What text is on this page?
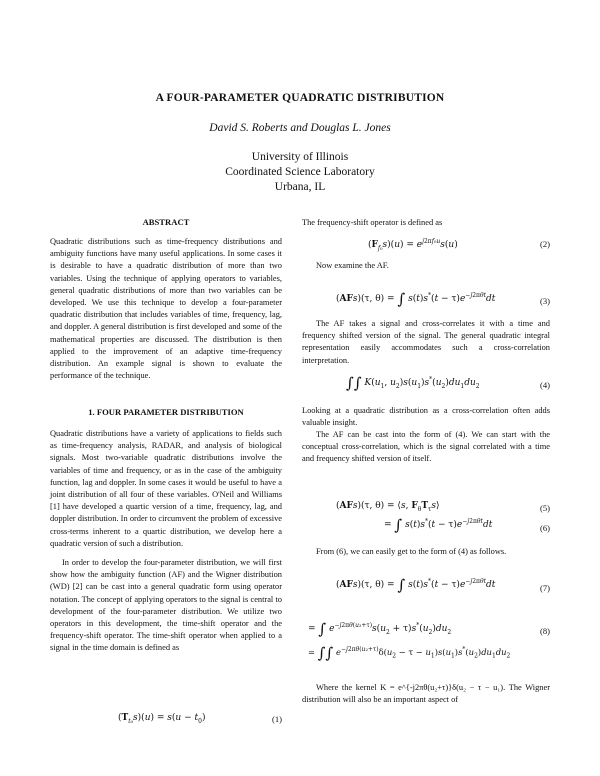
A FOUR-PARAMETER QUADRATIC DISTRIBUTION
David S. Roberts and Douglas L. Jones
University of Illinois
Coordinated Science Laboratory
Urbana, IL
ABSTRACT
Quadratic distributions such as time-frequency distributions and ambiguity functions have many useful applications. In some cases it is desirable to have a quadratic distribution of more than two variables. Using the technique of applying operators to variables, general quadratic distributions of more than two variables can be developed. We use this technique to develop a four-parameter quadratic distribution that includes variables of time, frequency, lag, and doppler. A general distribution is first developed and some of the mathematical properties are discussed. The distribution is then applied to the improvement of an adaptive time-frequency distribution. An example signal is shown to evaluate the performance of the technique.
1. FOUR PARAMETER DISTRIBUTION
Quadratic distributions have a variety of applications to fields such as time-frequency analysis, RADAR, and analysis of biological signals. Most two-variable quadratic distributions involve the variables of time and frequency, or as in the case of the ambiguity function, lag and doppler. In some cases it would be useful to have a joint distribution of all four of these variables. O'Neil and Williams [1] have developed a quartic version of a time, frequency, lag, and doppler distribution. In order to circumvent the problem of excessive cross-terms inherent to a quartic distribution, we develop here a quadratic version of such a distribution.
In order to develop the four-parameter distribution, we will first show how the ambiguity function (AF) and the Wigner distribution (WD) [2] can be cast into a general quadratic form using operator notation. The concept of applying operators to the signal is central to development of the four-parameter distribution. We utilize two operators in this development, the time-shift operator and the frequency-shift operator. The time-shift operator when applied to a signal in the time domain is defined as
$(T_{t_0}s)(u) = s(u - t_0)$	(1)
The frequency-shift operator is defined as
$(F_{f_0}s)(u) = e^{j2\pi f_0u}s(u)$	(2)
Now examine the AF.
(AFs)(τ, θ) = ∫ $s(t)s^*(t - \tau)e^{-j2\pi\theta t}dt$	(3)
The AF takes a signal and cross-correlates it with a time and frequency shifted version of the signal. The general quadratic integral representation easily accommodates such a cross-correlation interpretation.
∫∫ $K(u_1$, $u_2)s(u_1)s^*(u_2)du_1du_2$	(4)
Looking at a quadratic distribution as a cross-correlation often adds valuable insight.
The AF can be cast into the form of (4). We can start with the conceptual cross-correlation, which is the signal correlated with a time and frequency shifted version of itself.
(AFs)(τ, θ) = ⟨s, $F_\theta T_\tau s⟩$	(5)
= ∫ $s(t)s^*(t - \tau)e^{-j2\pi\theta t}dt$	(6)
From (6), we can easily get to the form of (4) as follows.
(AFs)(τ, θ) = ∫ $s(t)s^*(t - \tau)e^{-j2\pi\theta t}dt$	(7)
= ∫ $e^{-j2\pi\theta(u_2+\tau)}s(u_2 + \tau)s^*(u_2)du_2$	(8)
= ∫∫ $e^{-j2\pi\theta(u_2+\tau)}\delta(u_2 - \tau - u_1)s(u_1)s^*(u_2)du_1du_2$
Where the kernel K = e^{-j2πθ(u₂+τ)}δ(u₂ − τ − u₁). The Wigner distribution will also be an important aspect of
